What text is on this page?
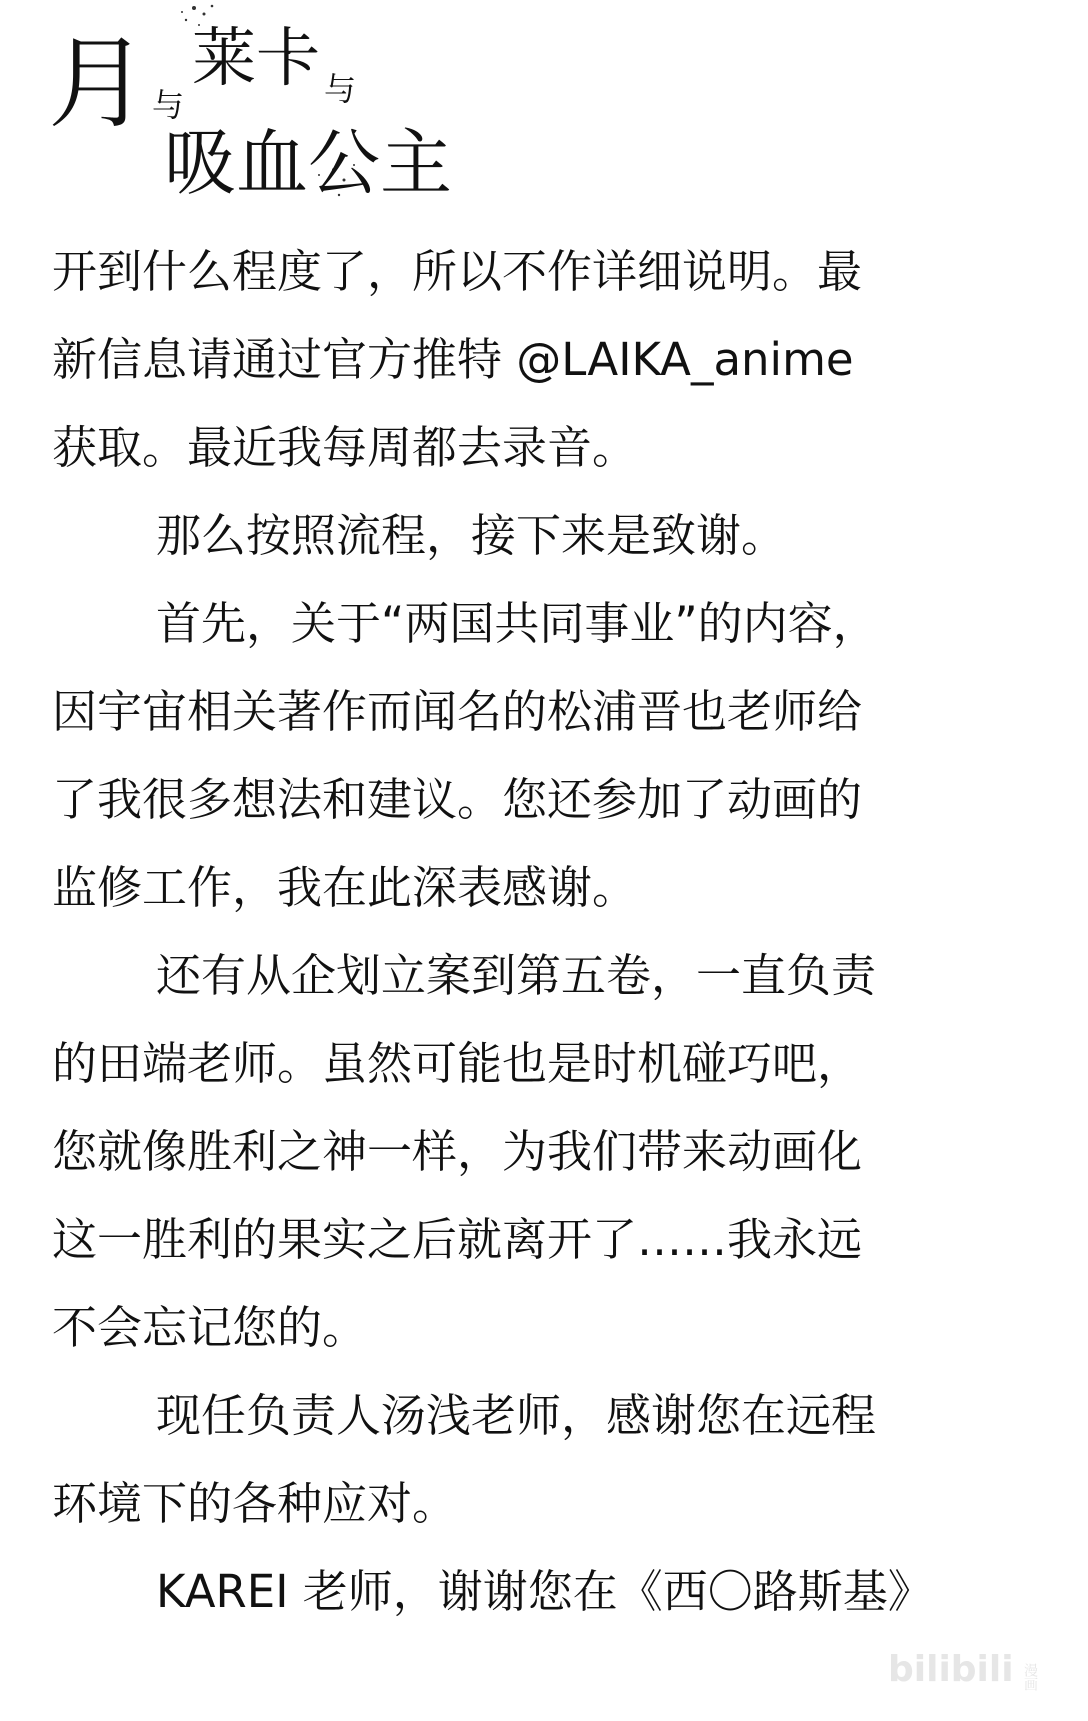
月 与
莱卡 与
吸血公主
开到什么程度了，所以不作详细说明。最
新信息请通过官方推特 @LAIKA_anime
获取。最近我每周都去录音。
那么按照流程，接下来是致谢。
首先，关于“两国共同事业”的内容，
因宇宙相关著作而闻名的松浦晋也老师给
了我很多想法和建议。您还参加了动画的
监修工作，我在此深表感谢。
还有从企划立案到第五卷，一直负责
的田端老师。虽然可能也是时机碰巧吧，
您就像胜利之神一样，为我们带来动画化
这一胜利的果实之后就离开了……我永远
不会忘记您的。
现任负责人汤浅老师，感谢您在远程
环境下的各种应对。
KAREI 老师，谢谢您在《西〇路斯基》
bilibili 漫画
